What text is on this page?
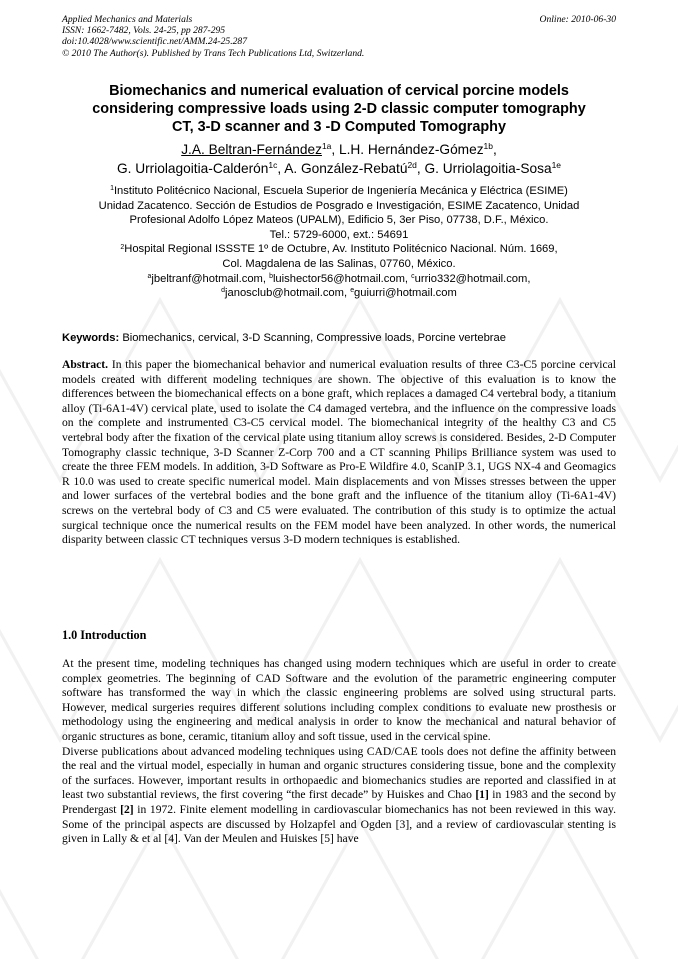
Applied Mechanics and Materials	Online: 2010-06-30
ISSN: 1662-7482, Vols. 24-25, pp 287-295
doi:10.4028/www.scientific.net/AMM.24-25.287
© 2010 The Author(s). Published by Trans Tech Publications Ltd, Switzerland.
Biomechanics and numerical evaluation of cervical porcine models
considering compressive loads using 2-D classic computer tomography
CT, 3-D scanner and 3 -D Computed Tomography
J.A. Beltran-Fernández$^{1a}$, L.H. Hernández-Gómez$^{1b}$,
G. Urriolagoitia-Calderón$^{1c}$, A. González-Rebatú$^{2d}$, G. Urriolagoitia-Sosa$^{1e}$
$^1$Instituto Politécnico Nacional, Escuela Superior de Ingeniería Mecánica y Eléctrica (ESIME)
Unidad Zacatenco. Sección de Estudios de Posgrado e Investigación, ESIME Zacatenco, Unidad
Profesional Adolfo López Mateos (UPALM), Edificio 5, 3er Piso, 07738, D.F., México.
Tel.: 5729-6000, ext.: 54691
$^2$Hospital Regional ISSSTE 1º de Octubre, Av. Instituto Politécnico Nacional. Núm. 1669,
Col. Magdalena de las Salinas, 07760, México.
$^a$jbeltranf@hotmail.com, $^b$luishector56@hotmail.com, $^c$urrio332@hotmail.com,
$^d$janosclub@hotmail.com, $^e$guiurri@hotmail.com
Keywords: Biomechanics, cervical, 3-D Scanning, Compressive loads, Porcine vertebrae
Abstract. In this paper the biomechanical behavior and numerical evaluation results of three C3-C5 porcine cervical models created with different modeling techniques are shown. The objective of this evaluation is to know the differences between the biomechanical effects on a bone graft, which replaces a damaged C4 vertebral body, a titanium alloy (Ti-6A1-4V) cervical plate, used to isolate the C4 damaged vertebra, and the influence on the compressive loads on the complete and instrumented C3-C5 cervical model. The biomechanical integrity of the healthy C3 and C5 vertebral body after the fixation of the cervical plate using titanium alloy screws is considered. Besides, 2-D Computer Tomography classic technique, 3-D Scanner Z-Corp 700 and a CT scanning Philips Brilliance system was used to create the three FEM models. In addition, 3-D Software as Pro-E Wildfire 4.0, ScanIP 3.1, UGS NX-4 and Geomagics R 10.0 was used to create specific numerical model. Main displacements and von Misses stresses between the upper and lower surfaces of the vertebral bodies and the bone graft and the influence of the titanium alloy (Ti-6A1-4V) screws on the vertebral body of C3 and C5 were evaluated. The contribution of this study is to optimize the actual surgical technique once the numerical results on the FEM model have been analyzed. In other words, the numerical disparity between classic CT techniques versus 3-D modern techniques is established.
1.0 Introduction

At the present time, modeling techniques has changed using modern techniques which are useful in order to create complex geometries. The beginning of CAD Software and the evolution of the parametric engineering computer software has transformed the way in which the classic engineering problems are solved using structural parts. However, medical surgeries requires different solutions including complex conditions to evaluate new prosthesis or methodology using the engineering and medical analysis in order to know the mechanical and natural behavior of organic structures as bone, ceramic, titanium alloy and soft tissue, used in the cervical spine.

Diverse publications about advanced modeling techniques using CAD/CAE tools does not define the affinity between the real and the virtual model, especially in human and organic structures considering tissue, bone and the complexity of the surfaces. However, important results in orthopaedic and biomechanics studies are reported and classified in at least two substantial reviews, the first covering “the first decade” by Huiskes and Chao [1] in 1983 and the second by Prendergast [2] in 1972. Finite element modelling in cardiovascular biomechanics has not been reviewed in this way. Some of the principal aspects are discussed by Holzapfel and Ogden [3], and a review of cardiovascular stenting is given in Lally & et al [4]. Van der Meulen and Huiskes [5] have
